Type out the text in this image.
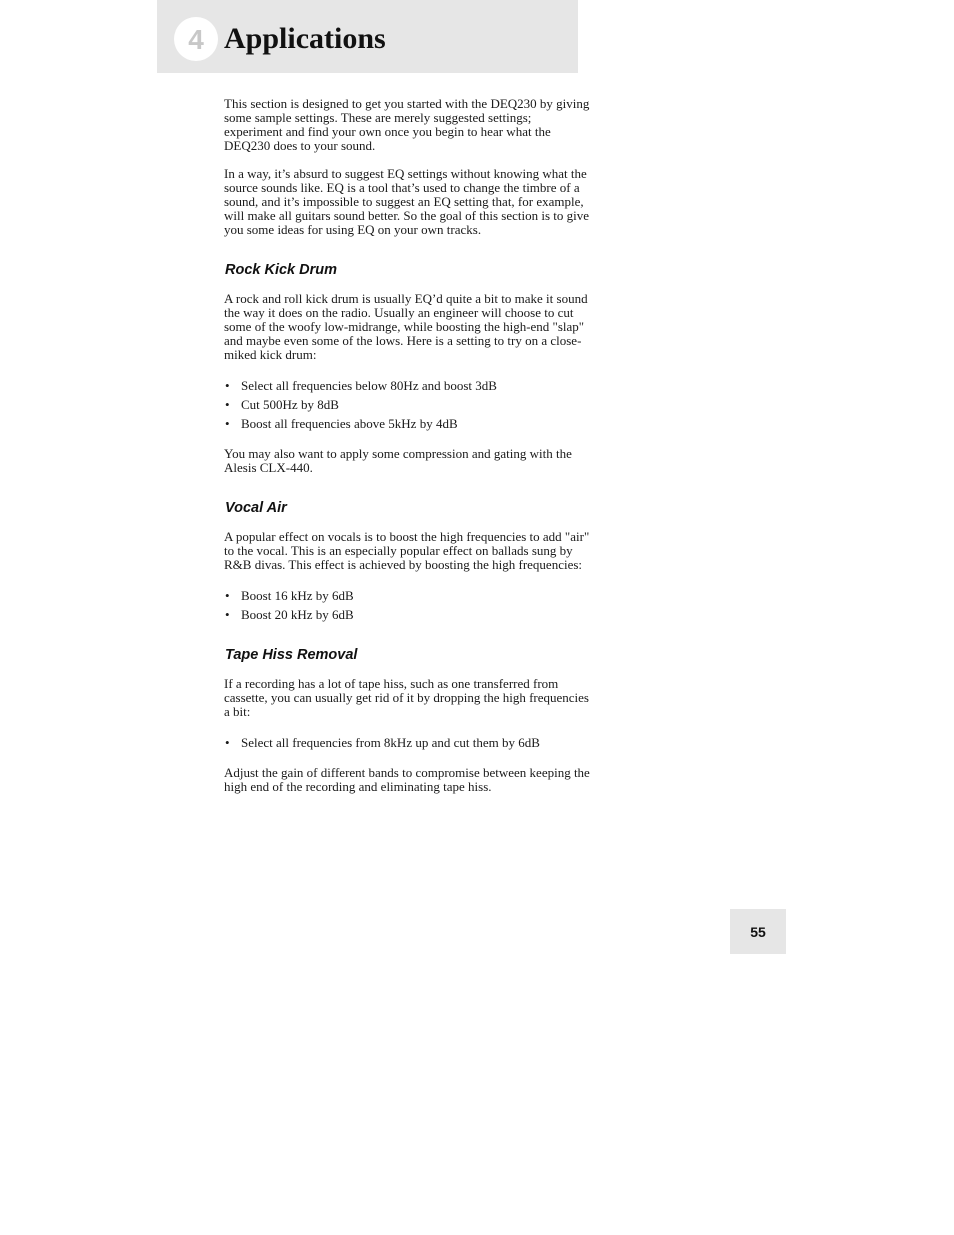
4 Applications

This section is designed to get you started with the DEQ230 by giving some sample settings. These are merely suggested settings; experiment and find your own once you begin to hear what the DEQ230 does to your sound.

In a way, it’s absurd to suggest EQ settings without knowing what the source sounds like. EQ is a tool that’s used to change the timbre of a sound, and it’s impossible to suggest an EQ setting that, for example, will make all guitars sound better. So the goal of this section is to give you some ideas for using EQ on your own tracks.

Rock Kick Drum

A rock and roll kick drum is usually EQ’d quite a bit to make it sound the way it does on the radio. Usually an engineer will choose to cut some of the woofy low-midrange, while boosting the high-end "slap" and maybe even some of the lows. Here is a setting to try on a close-miked kick drum:

• Select all frequencies below 80Hz and boost 3dB
• Cut 500Hz by 8dB
• Boost all frequencies above 5kHz by 4dB

You may also want to apply some compression and gating with the Alesis CLX-440.

Vocal Air

A popular effect on vocals is to boost the high frequencies to add "air" to the vocal. This is an especially popular effect on ballads sung by R&B divas. This effect is achieved by boosting the high frequencies:

• Boost 16 kHz by 6dB
• Boost 20 kHz by 6dB
Tape Hiss Removal

If a recording has a lot of tape hiss, such as one transferred from cassette, you can usually get rid of it by dropping the high frequencies a bit:

• Select all frequencies from 8kHz up and cut them by 6dB

Adjust the gain of different bands to compromise between keeping the high end of the recording and eliminating tape hiss.

55
